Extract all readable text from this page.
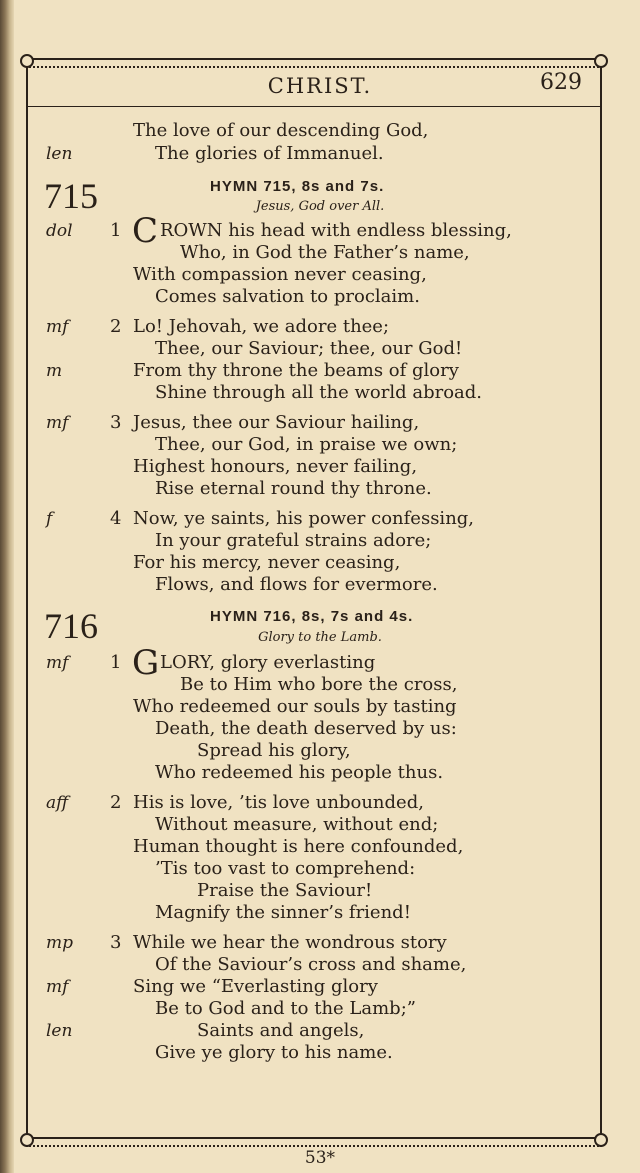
CHRIST.	629
The love of our descending God,
len	The glories of Immanuel.
715	HYMN 715, 8s and 7s.
Jesus, God over All.
dol 1 C ROWN his head with endless blessing,
Who, in God the Father’s name,
With compassion never ceasing,
Comes salvation to proclaim.
mf 2 Lo! Jehovah, we adore thee;
Thee, our Saviour; thee, our God!
m	From thy throne the beams of glory
Shine through all the world abroad.
mf 3 Jesus, thee our Saviour hailing,
Thee, our God, in praise we own;
Highest honours, never failing,
Rise eternal round thy throne.
f	4 Now, ye saints, his power confessing,
In your grateful strains adore;
For his mercy, never ceasing,
Flows, and flows for evermore.
716	HYMN 716, 8s, 7s and 4s.
Glory to the Lamb.
mf 1 G LORY, glory everlasting
Be to Him who bore the cross,
Who redeemed our souls by tasting
Death, the death deserved by us:
Spread his glory,
Who redeemed his people thus.
aff 2 His is love, ’tis love unbounded,
Without measure, without end;
Human thought is here confounded,
’Tis too vast to comprehend:
Praise the Saviour!
Magnify the sinner’s friend!
mp 3 While we hear the wondrous story
Of the Saviour’s cross and shame,
mf	Sing we “Everlasting glory
Be to God and to the Lamb;”
len	Saints and angels,
Give ye glory to his name.
53*
